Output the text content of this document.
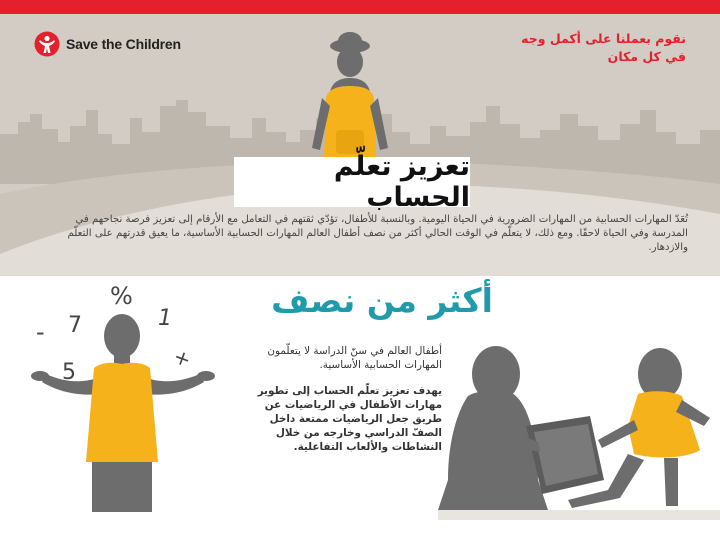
Save the Children	نقوم بعملنا على أكمل وجه
في كل مكان
تعزيز تعلّم الحساب
تُعَدّ المهارات الحسابية من المهارات الضرورية في الحياة اليومية. وبالنسبة للأطفال، تؤدّي ثقتهم في التعامل مع الأرقام إلى تعزيز فرصة نجاحهم في المدرسة وفي الحياة لاحقًا. ومع ذلك، لا يتعلّم في الوقت الحالي أكثر من نصف أطفال العالم المهارات الحسابية الأساسية، ما يعيق قدرتهم على التعلّم والازدهار.
أكثر من نصف
أطفال العالم في سنّ الدراسة لا يتعلّمون المهارات الحسابية الأساسية.
يهدف تعزيز تعلّم الحساب إلى تطوير مهارات الأطفال في الرياضيات عن طريق جعل الرياضيات ممتعة داخل الصفّ الدراسي وخارجه من خلال النشاطات والألعاب التفاعلية.
%
7	1
-
5
+
